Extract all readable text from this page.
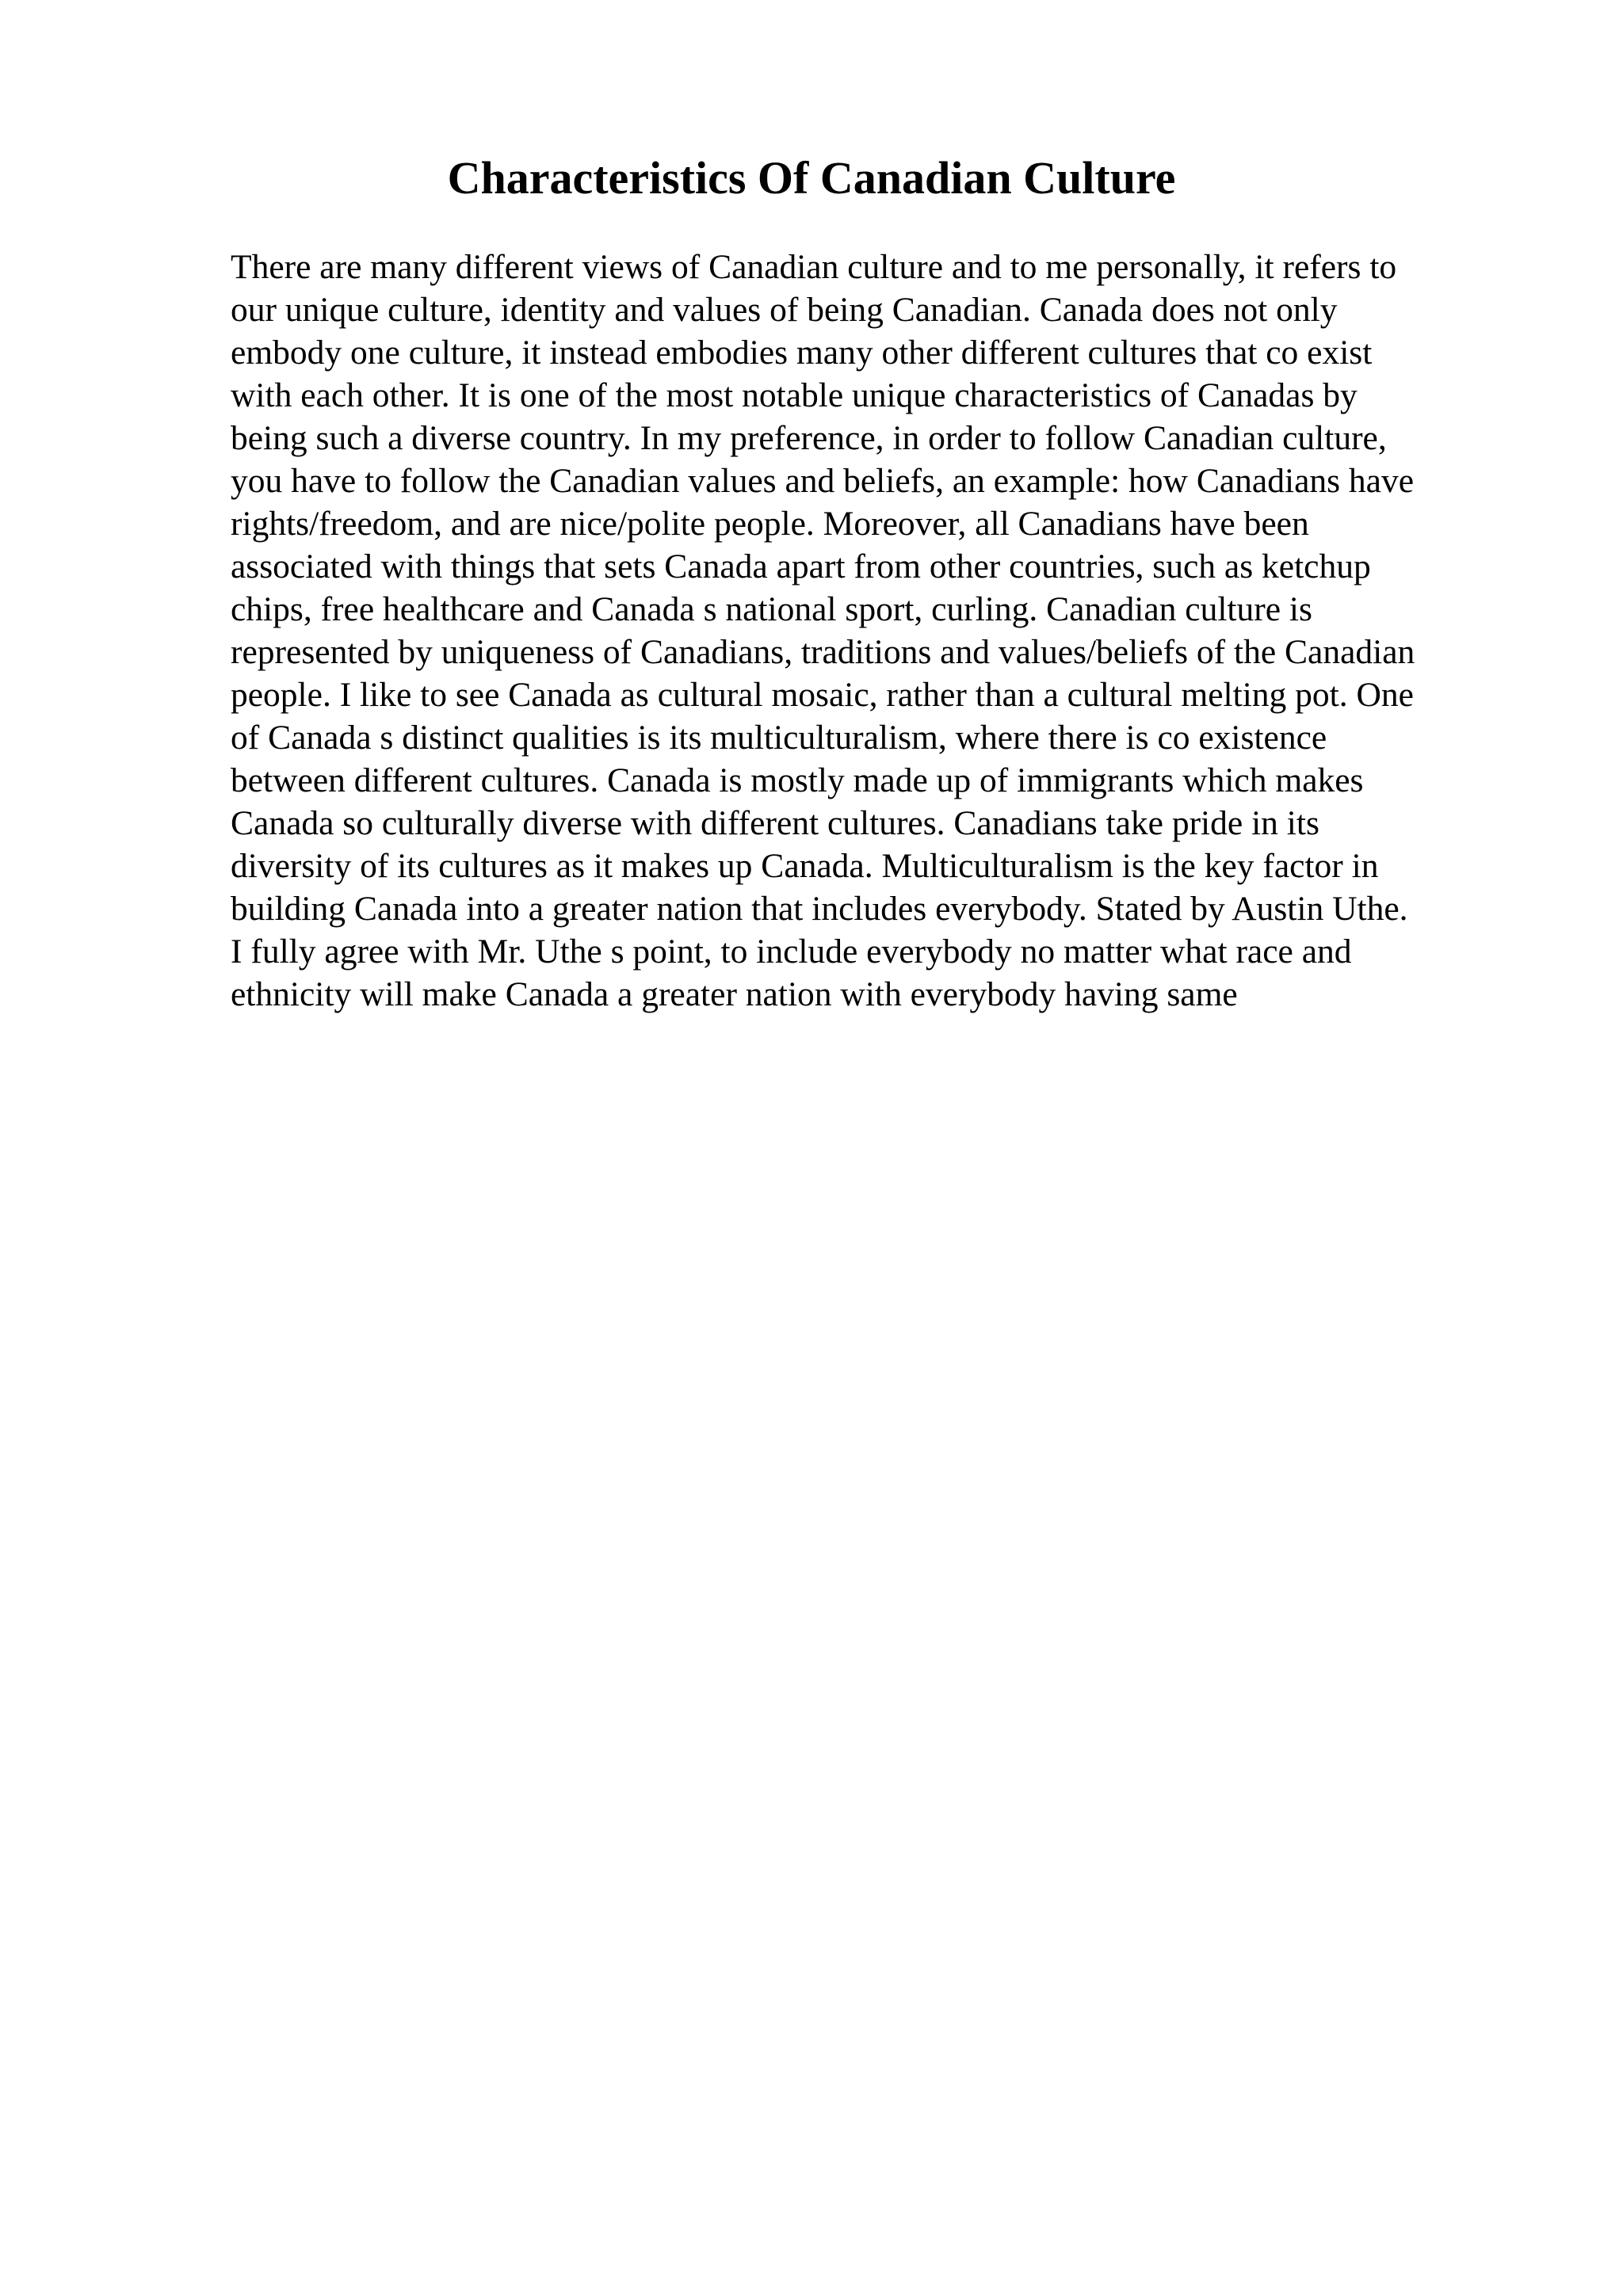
Characteristics Of Canadian Culture
There are many different views of Canadian culture and to me personally, it refers to
our unique culture, identity and values of being Canadian. Canada does not only
embody one culture, it instead embodies many other different cultures that co exist
with each other. It is one of the most notable unique characteristics of Canadas by
being such a diverse country. In my preference, in order to follow Canadian culture,
you have to follow the Canadian values and beliefs, an example: how Canadians have
rights/freedom, and are nice/polite people. Moreover, all Canadians have been
associated with things that sets Canada apart from other countries, such as ketchup
chips, free healthcare and Canada s national sport, curling. Canadian culture is
represented by uniqueness of Canadians, traditions and values/beliefs of the Canadian
people. I like to see Canada as cultural mosaic, rather than a cultural melting pot. One
of Canada s distinct qualities is its multiculturalism, where there is co existence
between different cultures. Canada is mostly made up of immigrants which makes
Canada so culturally diverse with different cultures. Canadians take pride in its
diversity of its cultures as it makes up Canada. Multiculturalism is the key factor in
building Canada into a greater nation that includes everybody. Stated by Austin Uthe.
I fully agree with Mr. Uthe s point, to include everybody no matter what race and
ethnicity will make Canada a greater nation with everybody having same
